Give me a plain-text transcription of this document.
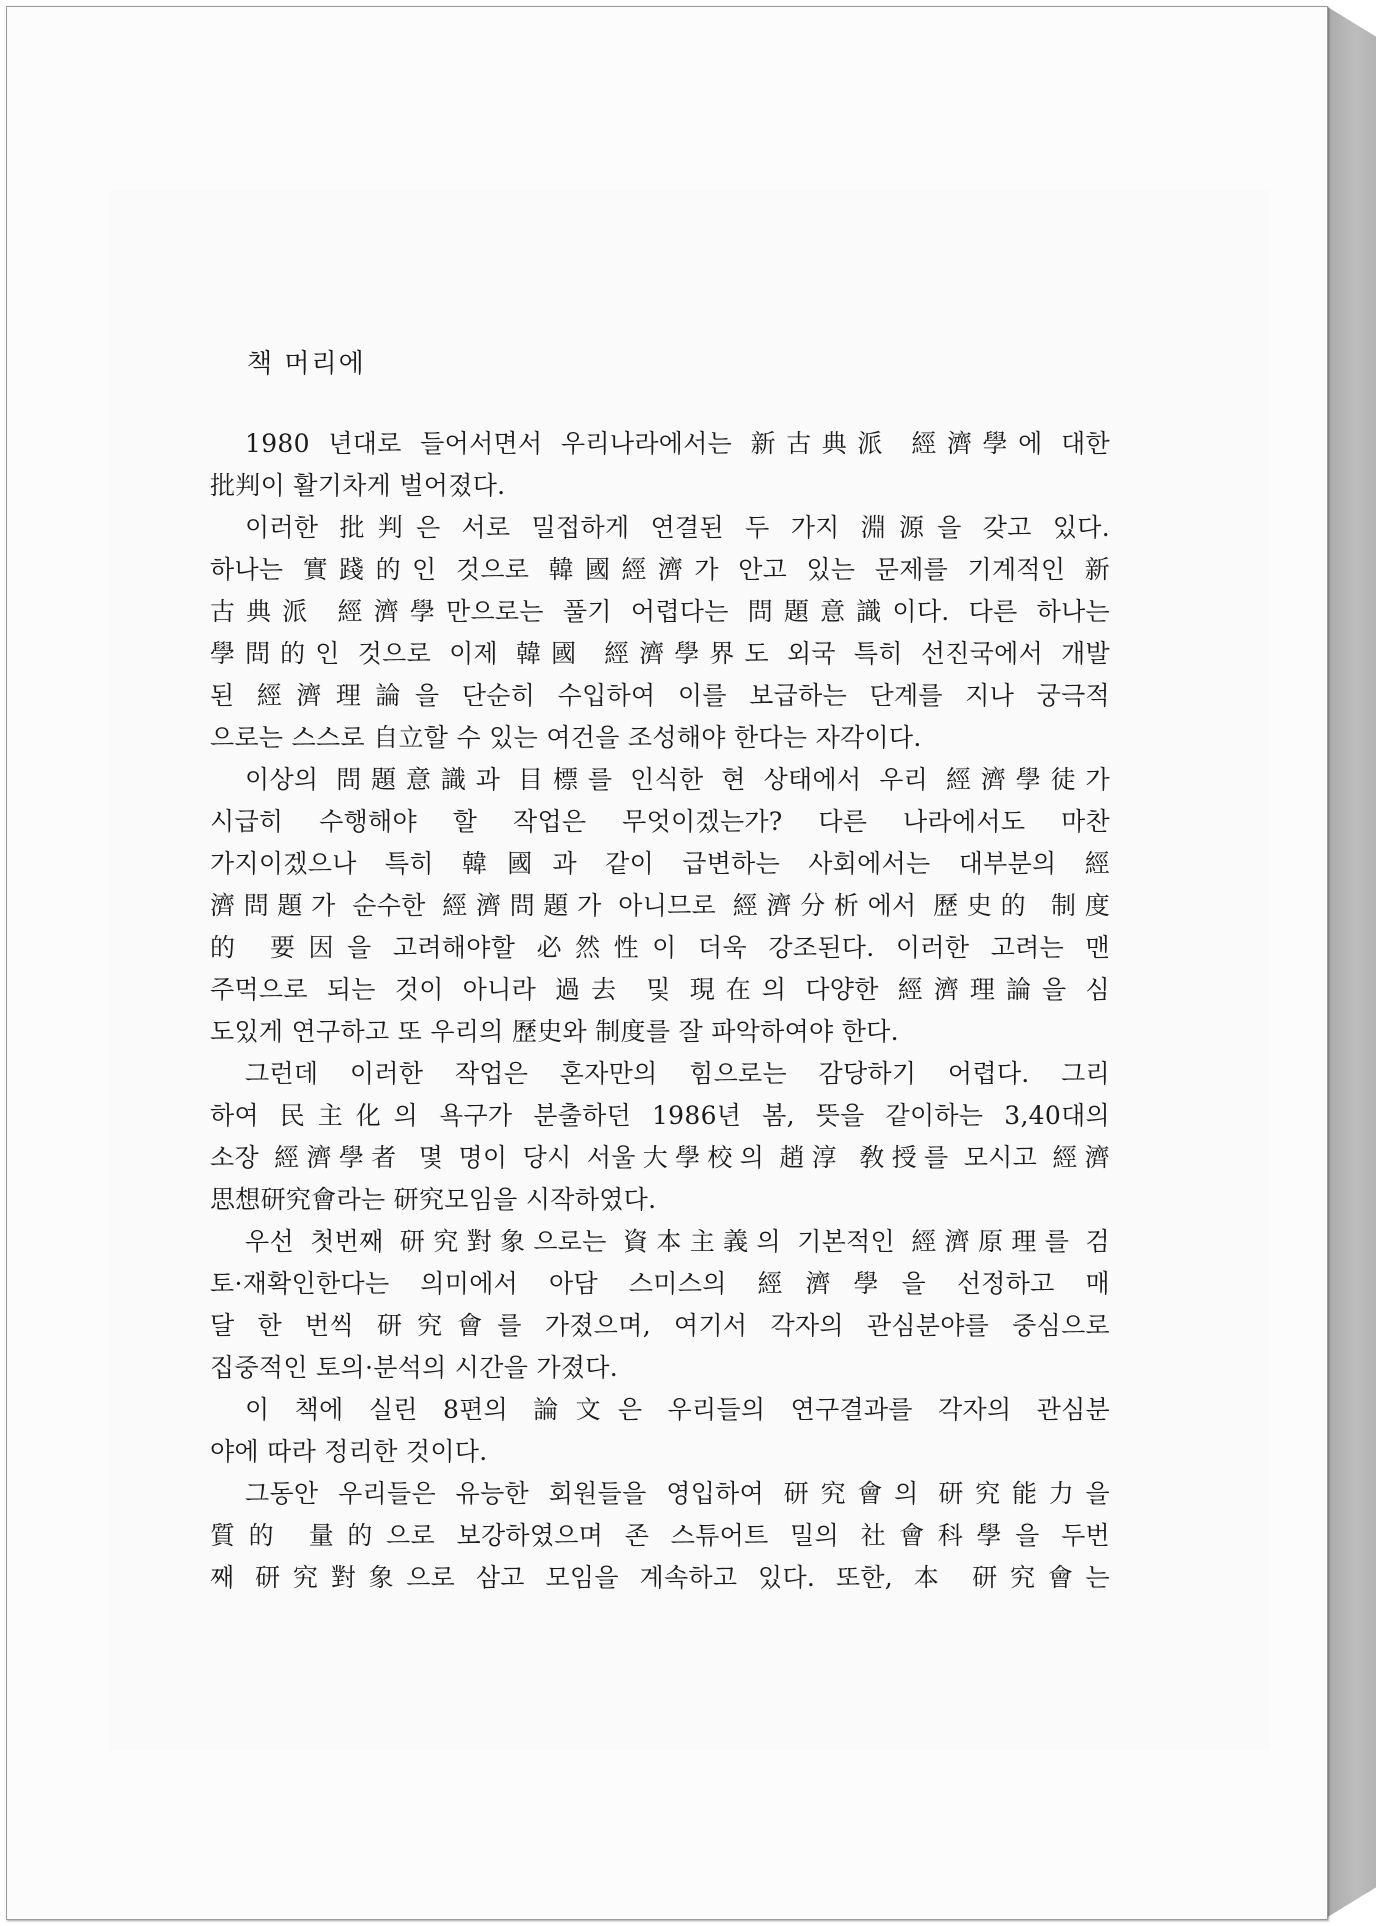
책 머리에
1980 년대로 들어서면서 우리나라에서는 新古典派 經濟學에 대한
批判이 활기차게 벌어졌다.
이러한 批判은 서로 밀접하게 연결된 두 가지 淵源을 갖고 있다.
하나는 實踐的인 것으로 韓國經濟가 안고 있는 문제를 기계적인 新
古典派 經濟學만으로는 풀기 어렵다는 問題意識이다. 다른 하나는
學問的인 것으로 이제 韓國 經濟學界도 외국 특히 선진국에서 개발
된 經濟理論을 단순히 수입하여 이를 보급하는 단계를 지나 궁극적
으로는 스스로 自立할 수 있는 여건을 조성해야 한다는 자각이다.
이상의 問題意識과 目標를 인식한 현 상태에서 우리 經濟學徒가
시급히 수행해야 할 작업은 무엇이겠는가? 다른 나라에서도 마찬
가지이겠으나 특히 韓國과 같이 급변하는 사회에서는 대부분의 經
濟問題가 순수한 經濟問題가 아니므로 經濟分析에서 歷史的 制度
的 要因을 고려해야할 必然性이 더욱 강조된다. 이러한 고려는 맨
주먹으로 되는 것이 아니라 過去 및 現在의 다양한 經濟理論을 심
도있게 연구하고 또 우리의 歷史와 制度를 잘 파악하여야 한다.
그런데 이러한 작업은 혼자만의 힘으로는 감당하기 어렵다. 그리
하여 民主化의 욕구가 분출하던 1986년 봄, 뜻을 같이하는 3,40대의
소장 經濟學者 몇 명이 당시 서울大學校의 趙淳 敎授를 모시고 經濟
思想研究會라는 研究모임을 시작하였다.
우선 첫번째 研究對象으로는 資本主義의 기본적인 經濟原理를 검
토·재확인한다는 의미에서 아담 스미스의 經濟學을 선정하고 매
달 한 번씩 研究會를 가졌으며, 여기서 각자의 관심분야를 중심으로
집중적인 토의·분석의 시간을 가졌다.
이 책에 실린 8편의 論文은 우리들의 연구결과를 각자의 관심분
야에 따라 정리한 것이다.
그동안 우리들은 유능한 회원들을 영입하여 研究會의 研究能力을
質的 量的으로 보강하였으며 존 스튜어트 밀의 社會科學을 두번
째 研究對象으로 삼고 모임을 계속하고 있다. 또한, 本 研究會는
